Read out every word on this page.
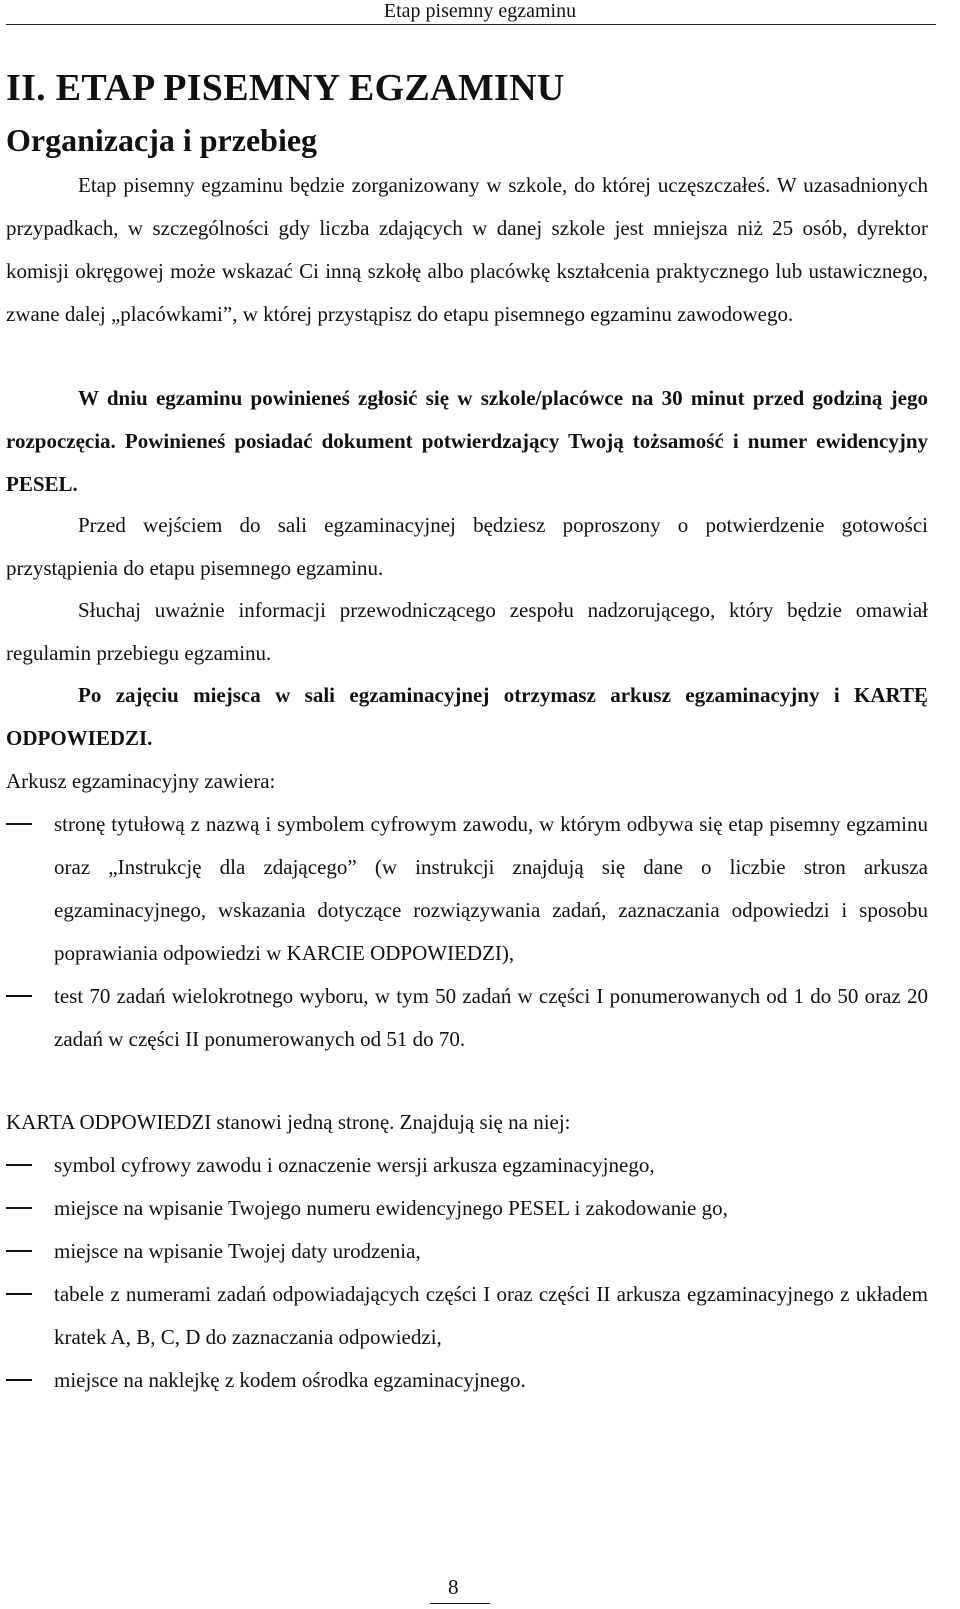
Etap pisemny egzaminu
II. ETAP PISEMNY EGZAMINU
Organizacja i przebieg
Etap pisemny egzaminu będzie zorganizowany w szkole, do której uczęszczałeś. W uzasadnionych przypadkach, w szczególności gdy liczba zdających w danej szkole jest mniejsza niż 25 osób, dyrektor komisji okręgowej może wskazać Ci inną szkołę albo placówkę kształcenia praktycznego lub ustawicznego, zwane dalej „placówkami”, w której przystąpisz do etapu pisemnego egzaminu zawodowego.
W dniu egzaminu powinieneś zgłosić się w szkole/placówce na 30 minut przed godziną jego rozpoczęcia. Powinieneś posiadać dokument potwierdzający Twoją tożsamość i numer ewidencyjny PESEL.
Przed wejściem do sali egzaminacyjnej będziesz poproszony o potwierdzenie gotowości przystąpienia do etapu pisemnego egzaminu.
Słuchaj uważnie informacji przewodniczącego zespołu nadzorującego, który będzie omawiał regulamin przebiegu egzaminu.
Po zajęciu miejsca w sali egzaminacyjnej otrzymasz arkusz egzaminacyjny i KARTĘ ODPOWIEDZI.
Arkusz egzaminacyjny zawiera:
stronę tytułową z nazwą i symbolem cyfrowym zawodu, w którym odbywa się etap pisemny egzaminu oraz „Instrukcję dla zdającego” (w instrukcji znajdują się dane o liczbie stron arkusza egzaminacyjnego, wskazania dotyczące rozwiązywania zadań, zaznaczania odpowiedzi i sposobu poprawiania odpowiedzi w KARCIE ODPOWIEDZI),
test 70 zadań wielokrotnego wyboru, w tym 50 zadań w części I ponumerowanych od 1 do 50 oraz 20 zadań w części II ponumerowanych od 51 do 70.
KARTA ODPOWIEDZI stanowi jedną stronę. Znajdują się na niej:
symbol cyfrowy zawodu i oznaczenie wersji arkusza egzaminacyjnego,
miejsce na wpisanie Twojego numeru ewidencyjnego PESEL i zakodowanie go,
miejsce na wpisanie Twojej daty urodzenia,
tabele z numerami zadań odpowiadających części I oraz części II arkusza egzaminacyjnego z układem kratek A, B, C, D do zaznaczania odpowiedzi,
miejsce na naklejkę z kodem ośrodka egzaminacyjnego.
8
